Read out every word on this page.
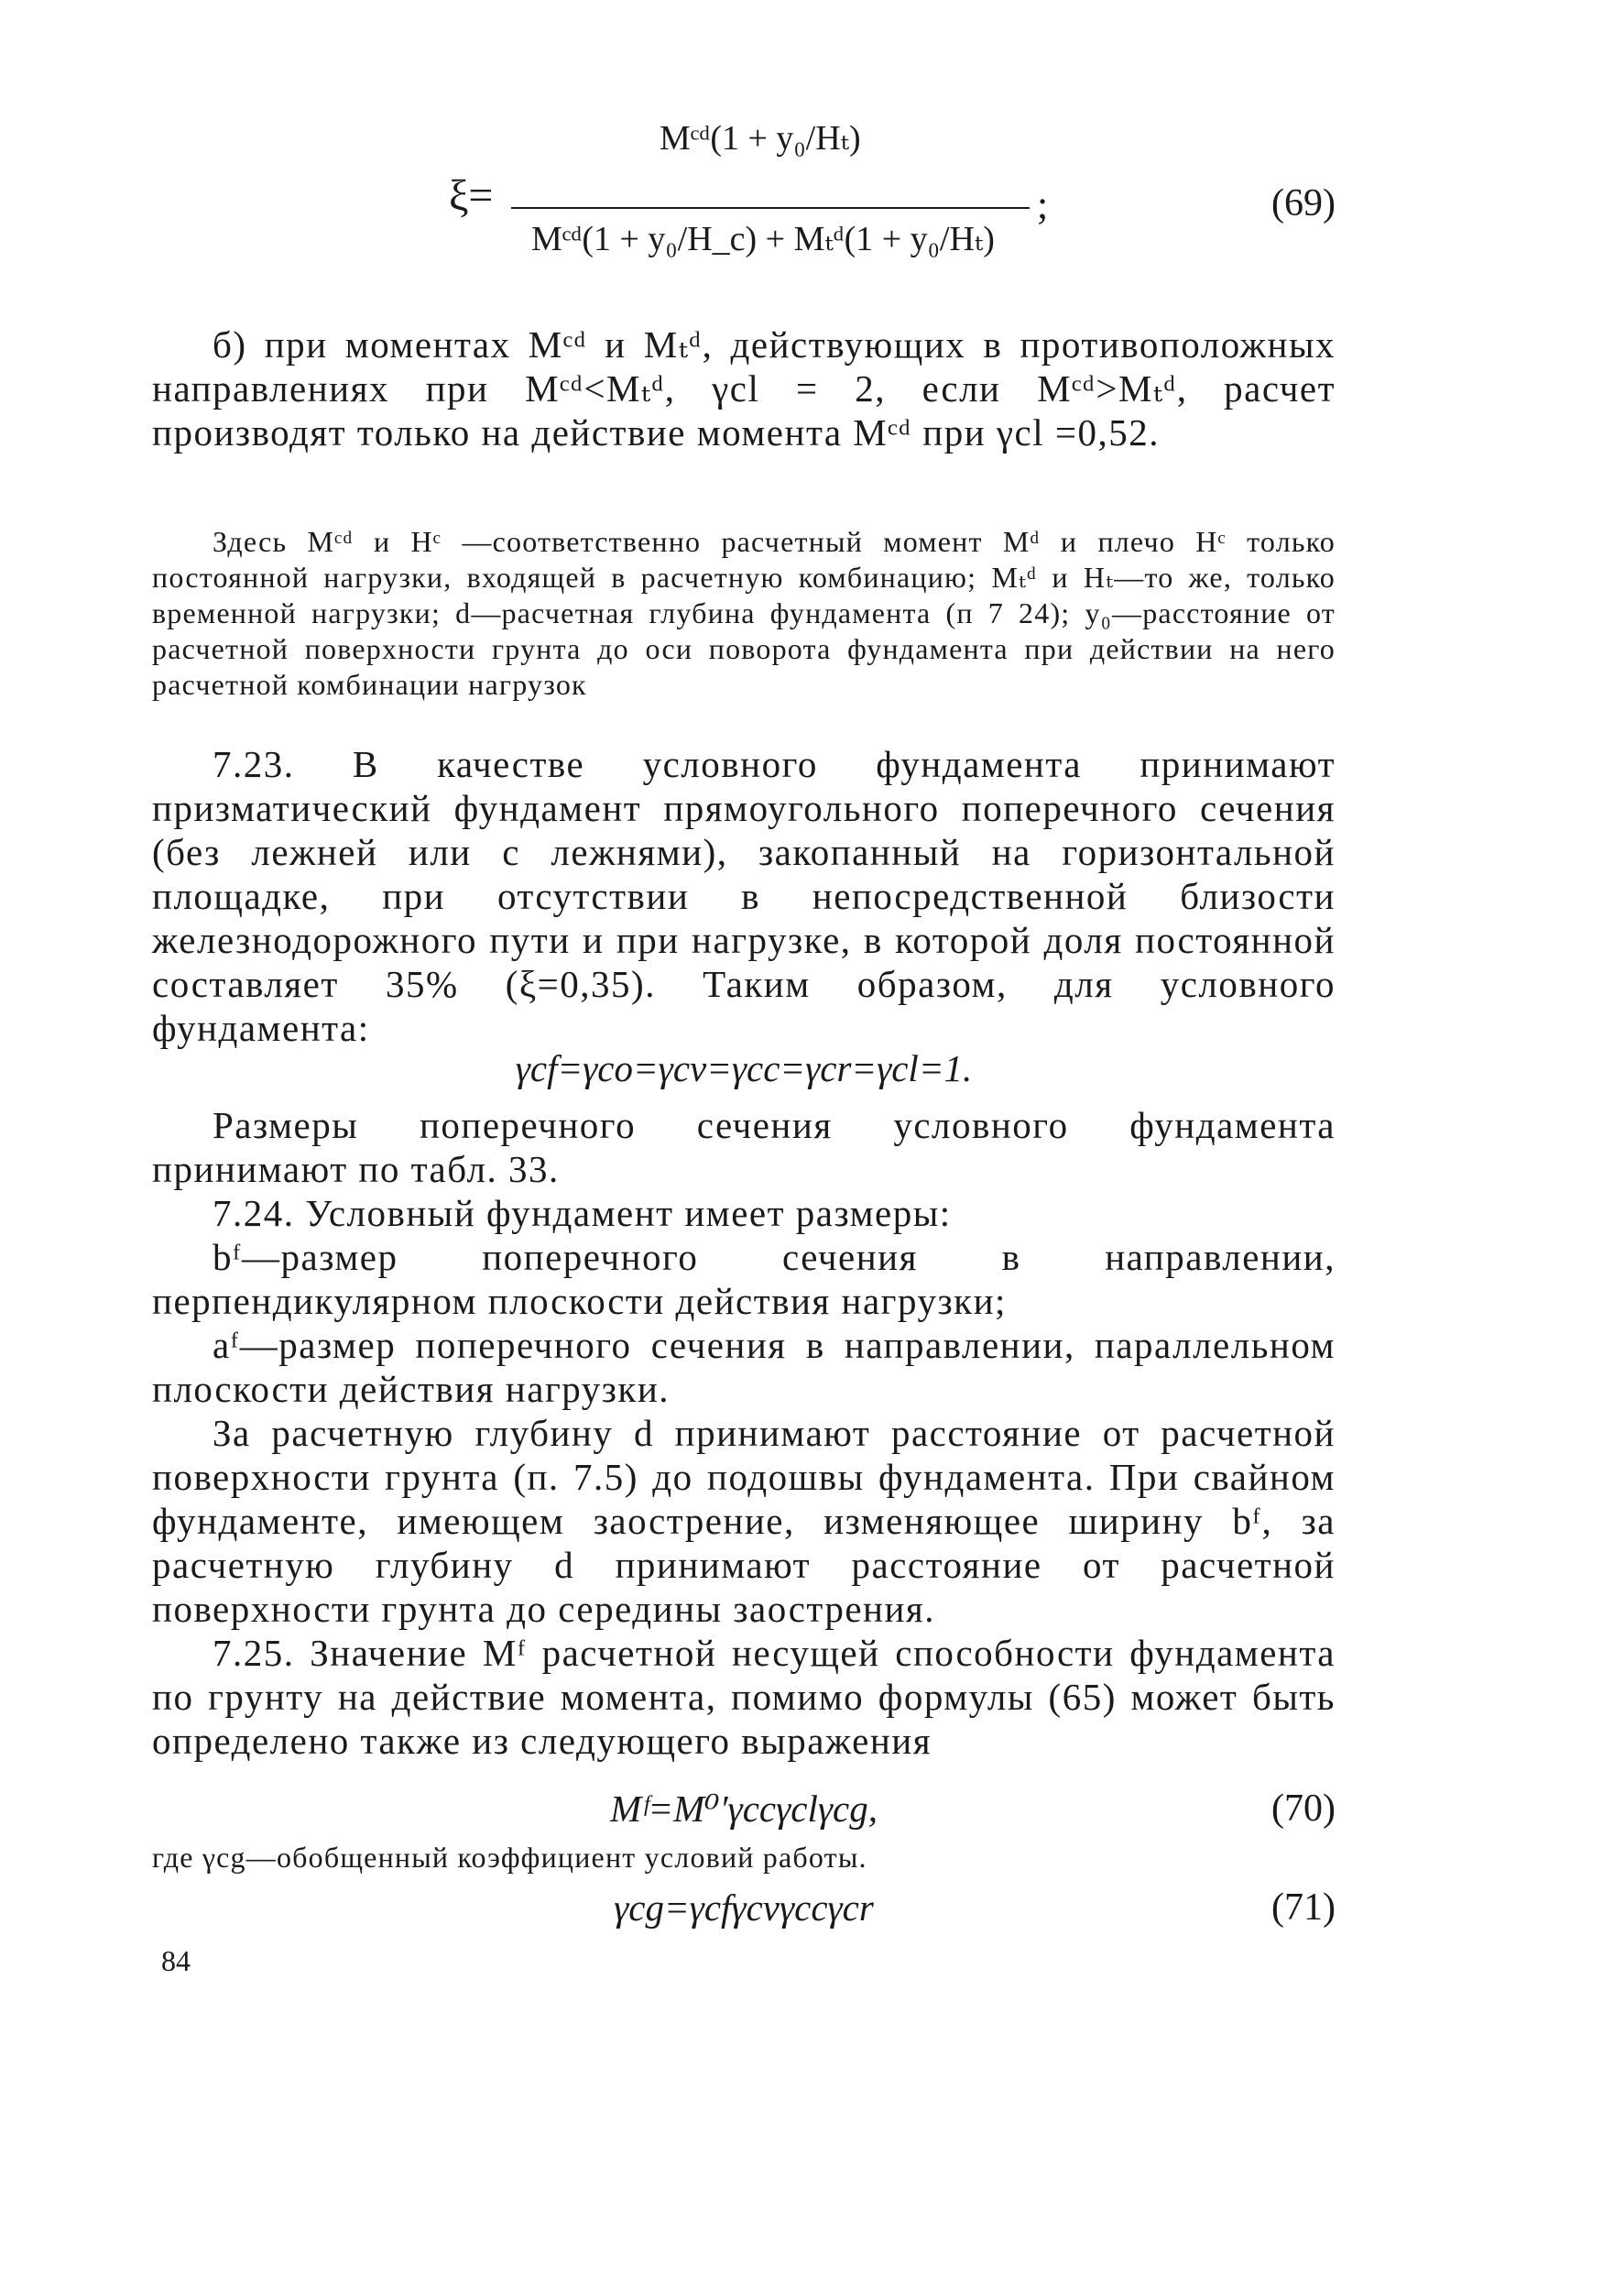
ξ=
Mᶜᵈ(1 + y₀/Hₜ)
Mᶜᵈ(1 + y₀/H_c) + Mₜᵈ(1 + y₀/Hₜ)
;	(69)

б) при моментах Mᶜᵈ и Mₜᵈ, действующих в противоположных направлениях при Mᶜᵈ<Mₜᵈ, γcl = 2, если Mᶜᵈ>Mₜᵈ, расчет производят только на действие момента Mᶜᵈ при γcl =0,52.

Здесь Mᶜᵈ и Hᶜ —соответственно расчетный момент Mᵈ и плечо Hᶜ только постоянной нагрузки, входящей в расчетную комбинацию; Mₜᵈ и Hₜ—то же, только временной нагрузки; d—расчетная глубина фундамента (п 7 24); y₀—расстояние от расчетной поверхности грунта до оси поворота фундамента при действии на него расчетной комбинации нагрузок

7.23. В качестве условного фундамента принимают призматический фундамент прямоугольного поперечного сечения (без лежней или с лежнями), закопанный на горизонтальной площадке, при отсутствии в непосредственной близости железнодорожного пути и при нагрузке, в которой доля постоянной составляет 35% (ξ=0,35). Таким образом, для условного фундамента:

γcf=γco=γcv=γcc=γcr=γcl=1.

Размеры поперечного сечения условного фундамента принимают по табл. 33.

7.24. Условный фундамент имеет размеры:

bᶠ—размер поперечного сечения в направлении, перпендикулярном плоскости действия нагрузки;

aᶠ—размер поперечного сечения в направлении, параллельном плоскости действия нагрузки.

За расчетную глубину d принимают расстояние от расчетной поверхности грунта (п. 7.5) до подошвы фундамента. При свайном фундаменте, имеющем заострение, изменяющее ширину bᶠ, за расчетную глубину d принимают расстояние от расчетной поверхности грунта до середины заострения.

7.25. Значение Mᶠ расчетной несущей способности фундамента по грунту на действие момента, помимо формулы (65) может быть определено также из следующего выражения

Mᶠ=M⁰′γccγclγcg,	(70)

где γcg—обобщенный коэффициент условий работы.

γcg=γcfγcvγccγcr	(71)
84
